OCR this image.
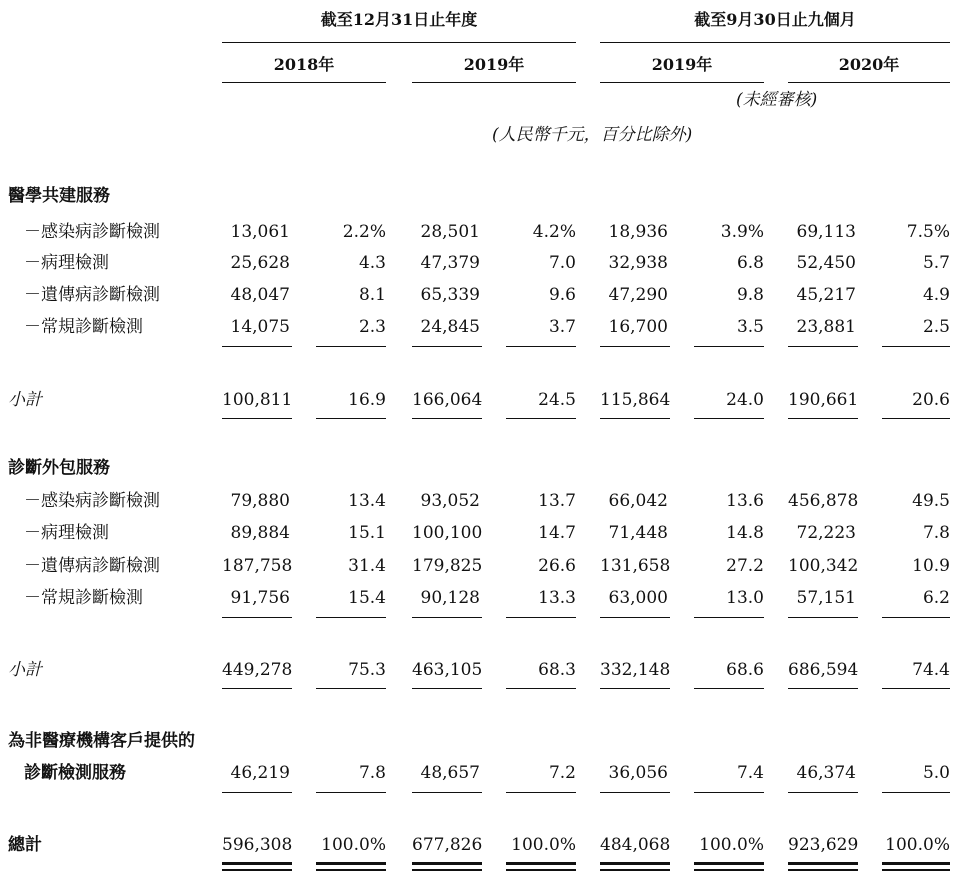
截至12月31日止年度	截至9月30日止九個月
2018年	2019年	2019年	2020年
(未經審核)
(人民幣千元，百分比除外)
醫學共建服務
－感染病診斷檢測	13,061	2.2%	28,501	4.2%	18,936	3.9%	69,113	7.5%
－病理檢測	25,628	4.3	47,379	7.0	32,938	6.8	52,450	5.7
－遺傳病診斷檢測	48,047	8.1	65,339	9.6	47,290	9.8	45,217	4.9
－常規診斷檢測	14,075	2.3	24,845	3.7	16,700	3.5	23,881	2.5
小計	100,811	16.9 166,064	24.5 115,864	24.0 190,661	20.6
診斷外包服務
－感染病診斷檢測	79,880	13.4	93,052	13.7	66,042	13.6 456,878	49.5
－病理檢測	89,884	15.1 100,100	14.7	71,448	14.8	72,223	7.8
－遺傳病診斷檢測	187,758	31.4 179,825	26.6 131,658	27.2 100,342	10.9
－常規診斷檢測	91,756	15.4	90,128	13.3	63,000	13.0	57,151	6.2
小計	449,278	75.3 463,105	68.3 332,148	68.6 686,594	74.4
為非醫療機構客戶提供的
診斷檢測服務	46,219	7.8	48,657	7.2	36,056	7.4	46,374	5.0
總計	596,308	100.0% 677,826	100.0% 484,068	100.0% 923,629 100.0%
